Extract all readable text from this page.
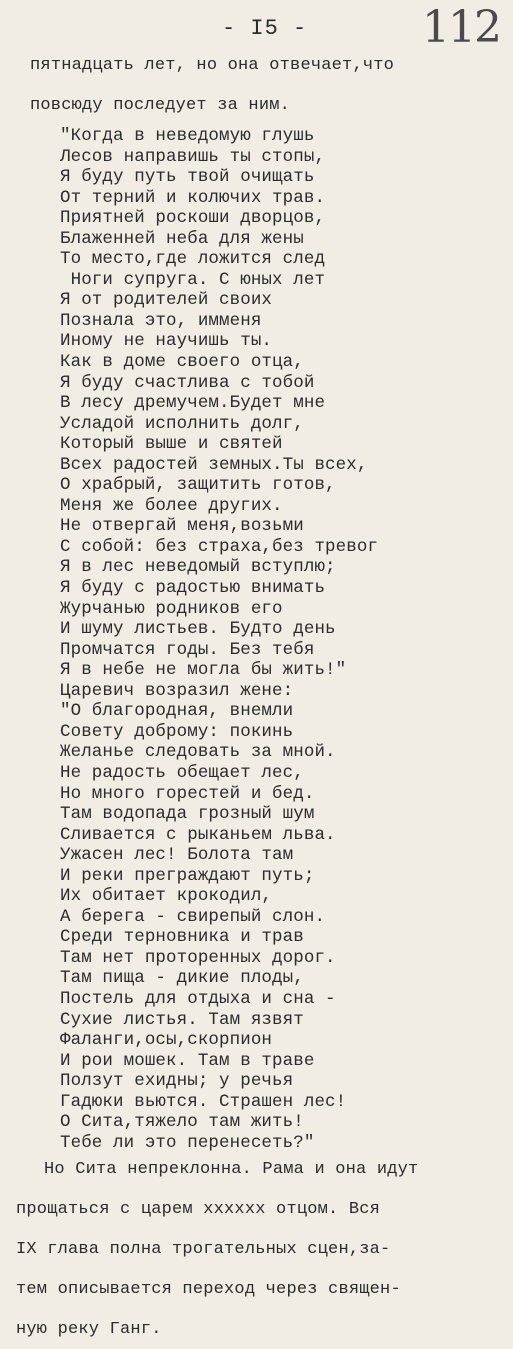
- I5 -	112
пятнадцать лет, но она отвечает,что
повсюду последует за ним.
"Когда в неведомую глушь
Лесов направишь ты стопы,
Я буду путь твой очищать
От терний и колючих трав.
Приятней роскоши дворцов,
Блаженней неба для жены
То место,где ложится след
Ноги супруга. С юных лет
Я от родителей своих
Познала это, имменя
Иному не научишь ты.
Как в доме своего отца,
Я буду счастлива с тобой
В лесу дремучем.Будет мне
Усладой исполнить долг,
Который выше и святей
Всех радостей земных.Ты всех,
О храбрый, защитить готов,
Меня же более других.
Не отвергай меня,возьми
С собой: без страха,без тревог
Я в лес неведомый вступлю;
Я буду с радостью внимать
Журчанью родников его
И шуму листьев. Будто день
Промчатся годы. Без тебя
Я в небе не могла бы жить!"
Царевич возразил жене:
"О благородная, внемли
Совету доброму: покинь
Желанье следовать за мной.
Не радость обещает лес,
Но много горестей и бед.
Там водопада грозный шум
Сливается с рыканьем льва.
Ужасен лес! Болота там
И реки преграждают путь;
Их обитает крокодил,
А берега - свирепый слон.
Среди терновника и трав
Там нет проторенных дорог.
Там пища - дикие плоды,
Постель для отдыха и сна -
Сухие листья. Там язвят
Фаланги,осы,скорпион
И рои мошек. Там в траве
Ползут ехидны; у речья
Гадюки вьются. Страшен лес!
О Сита,тяжело там жить!
Тебе ли это перенесеть?"
Но Сита непреклонна. Рама и она идут
прощаться с царем xxxxxx отцом. Вся
IX глава полна трогательных сцен,за-
тем описывается переход через священ-
ную реку Ганг.
